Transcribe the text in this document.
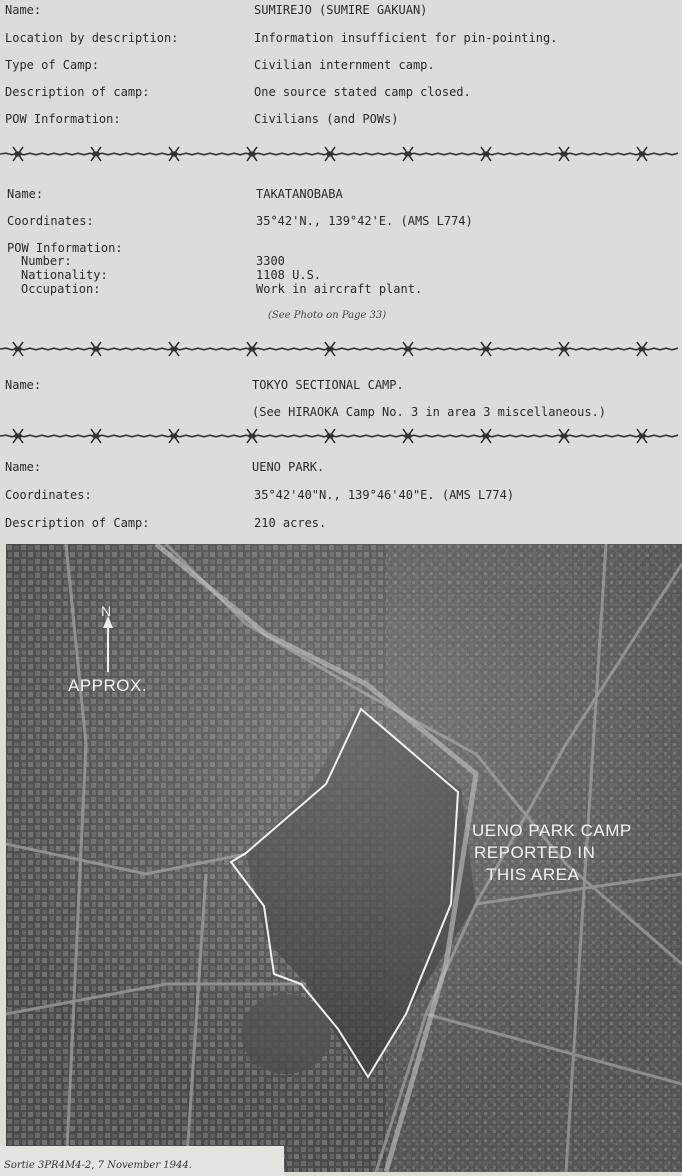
Name:	SUMIREJO (SUMIRE GAKUAN)
Location by description:	Information insufficient for pin-pointing.
Type of Camp:	Civilian internment camp.
Description of camp:	One source stated camp closed.
POW Information:	Civilians (and POWs)
Name:	TAKATANOBABA
Coordinates:	35°42'N., 139°42'E. (AMS L774)
POW Information:
Number:	3300
Nationality:	1108 U.S.
Occupation:	Work in aircraft plant.
(See Photo on Page 33)
Name:	TOKYO SECTIONAL CAMP.
(See HIRAOKA Camp No. 3 in area 3 miscellaneous.)
Name:	UENO PARK.
Coordinates:	35°42'40"N., 139°46'40"E. (AMS L774)
Description of Camp:	210 acres.
N
APPROX.
UENO PARK CAMP
REPORTED IN
THIS AREA
Sortie 3PR4M4-2, 7 November 1944.
